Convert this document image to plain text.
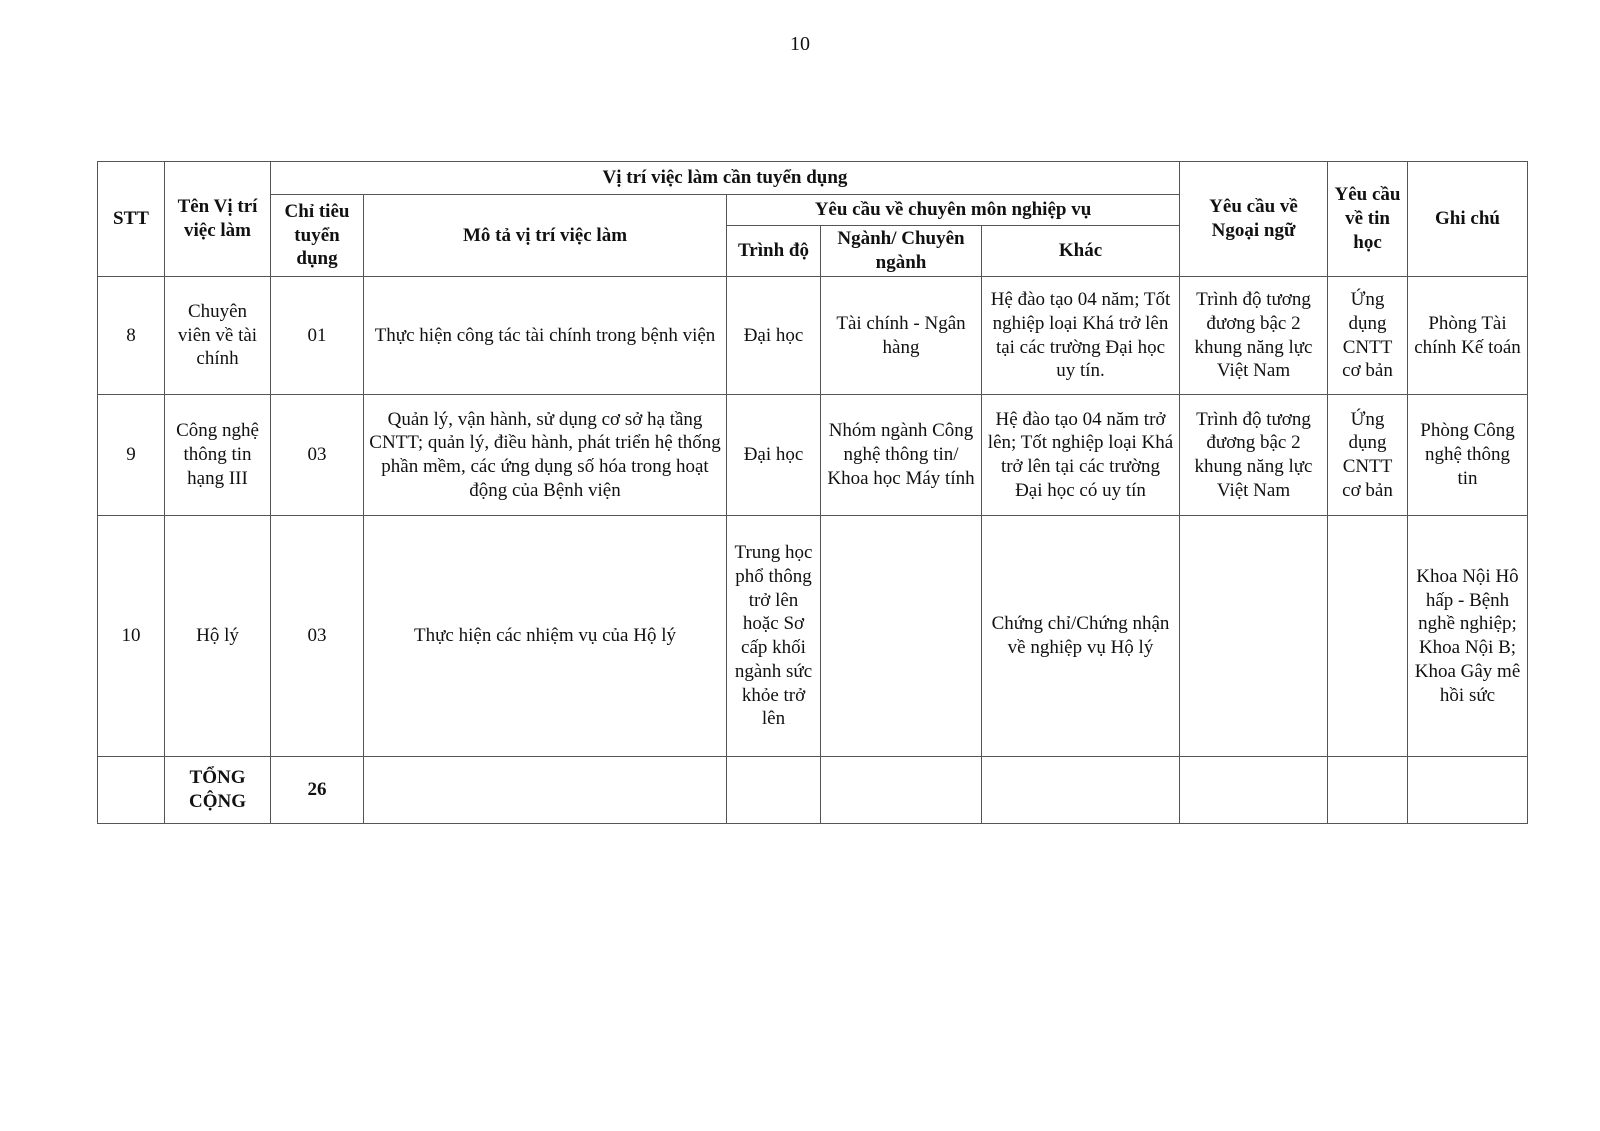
10
STT	Tên Vị trí việc làm	Vị trí việc làm cần tuyển dụng					Yêu cầu về Ngoại ngữ	Yêu cầu về tin học	Ghi chú
		Chỉ tiêu tuyển dụng	Mô tả vị trí việc làm	Yêu cầu về chuyên môn nghiệp vụ					
				Trình độ	Ngành/ Chuyên ngành	Khác			
8	Chuyên viên về tài chính	01	Thực hiện công tác tài chính trong bệnh viện	Đại học	Tài chính - Ngân hàng	Hệ đào tạo 04 năm; Tốt nghiệp loại Khá trở lên tại các trường Đại học uy tín.	Trình độ tương đương bậc 2 khung năng lực Việt Nam	Ứng dụng CNTT cơ bản	Phòng Tài chính Kế toán
9	Công nghệ thông tin hạng III	03	Quản lý, vận hành, sử dụng cơ sở hạ tầng CNTT; quản lý, điều hành, phát triển hệ thống phần mềm, các ứng dụng số hóa trong hoạt động của Bệnh viện	Đại học	Nhóm ngành Công nghệ thông tin/ Khoa học Máy tính	Hệ đào tạo 04 năm trở lên; Tốt nghiệp loại Khá trở lên tại các trường Đại học có uy tín	Trình độ tương đương bậc 2 khung năng lực Việt Nam	Ứng dụng CNTT cơ bản	Phòng Công nghệ thông tin
10	Hộ lý	03	Thực hiện các nhiệm vụ của Hộ lý	Trung học phổ thông trở lên hoặc Sơ cấp khối ngành sức khỏe trở lên		Chứng chỉ/Chứng nhận về nghiệp vụ Hộ lý			Khoa Nội Hô hấp - Bệnh nghề nghiệp; Khoa Nội B; Khoa Gây mê hồi sức
	TỔNG CỘNG	26							
